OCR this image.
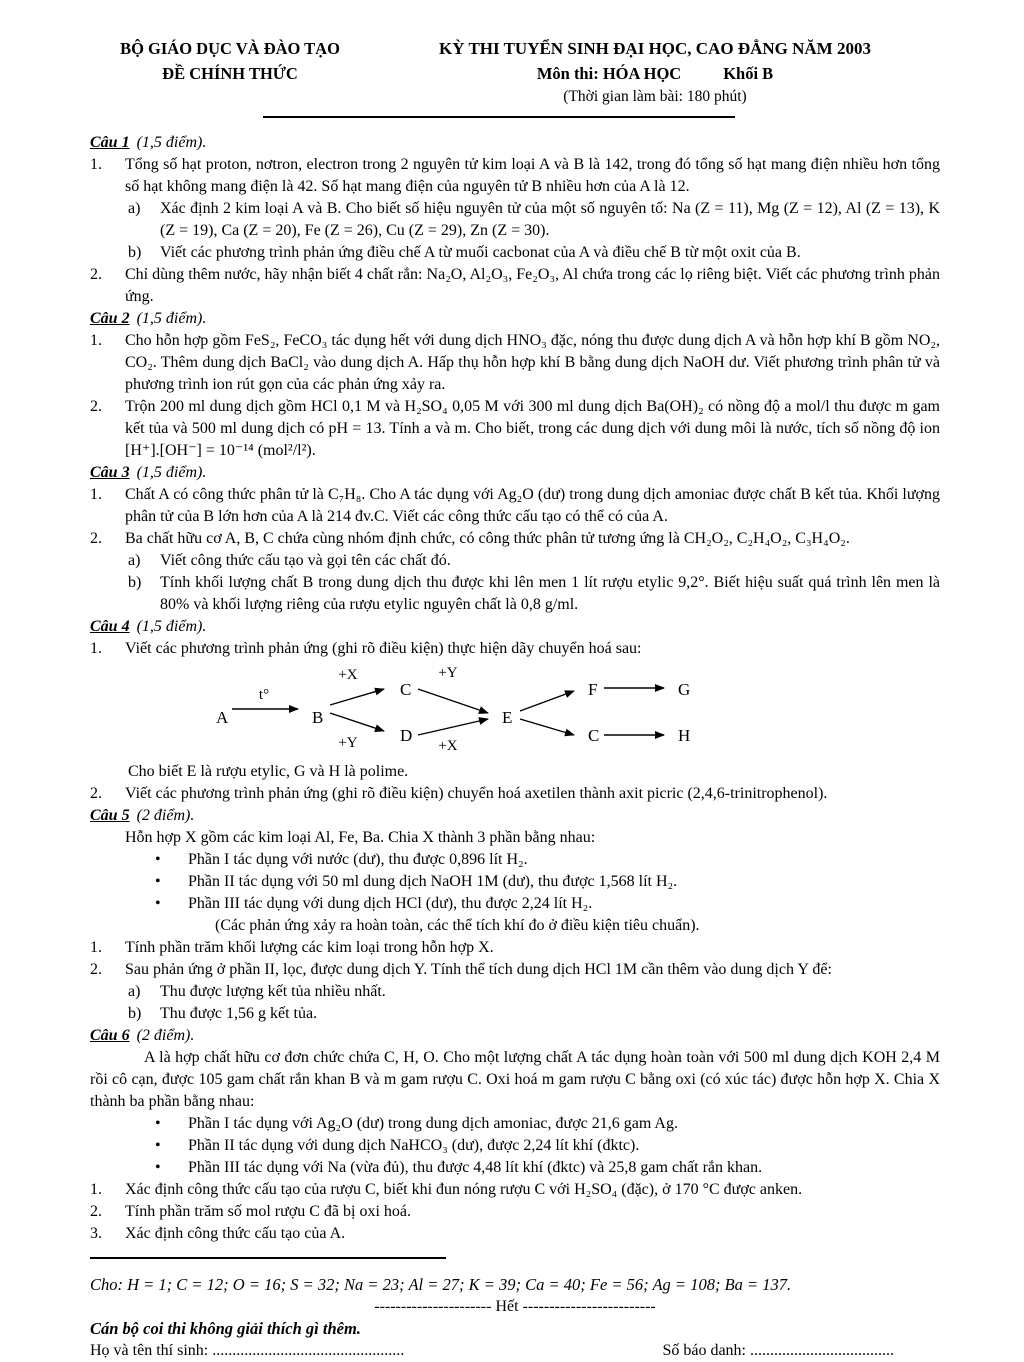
BỘ GIÁO DỤC VÀ ĐÀO TẠO
ĐỀ CHÍNH THỨC
KỲ THI TUYỂN SINH ĐẠI HỌC, CAO ĐẲNG NĂM 2003
Môn thi: HÓA HỌC	Khối B
(Thời gian làm bài: 180 phút)
Câu 1 (1,5 điểm).
1.	Tổng số hạt proton, nơtron, electron trong 2 nguyên tử kim loại A và B là 142, trong đó tổng số hạt mang điện nhiều hơn tổng số hạt không mang điện là 42. Số hạt mang điện của nguyên tử B nhiều hơn của A là 12.
a)	Xác định 2 kim loại A và B. Cho biết số hiệu nguyên tử của một số nguyên tố: Na (Z = 11), Mg (Z = 12), Al (Z = 13), K (Z = 19), Ca (Z = 20), Fe (Z = 26), Cu (Z = 29), Zn (Z = 30).
b)	Viết các phương trình phản ứng điều chế A từ muối cacbonat của A và điều chế B từ một oxit của B.
2.	Chỉ dùng thêm nước, hãy nhận biết 4 chất rắn: Na₂O, Al₂O₃, Fe₂O₃, Al chứa trong các lọ riêng biệt. Viết các phương trình phản ứng.
Câu 2 (1,5 điểm).
1.	Cho hỗn hợp gồm FeS₂, FeCO₃ tác dụng hết với dung dịch HNO₃ đặc, nóng thu được dung dịch A và hỗn hợp khí B gồm NO₂, CO₂. Thêm dung dịch BaCl₂ vào dung dịch A. Hấp thụ hỗn hợp khí B bằng dung dịch NaOH dư. Viết phương trình phân tử và phương trình ion rút gọn của các phản ứng xảy ra.
2.	Trộn 200 ml dung dịch gồm HCl 0,1 M và H₂SO₄ 0,05 M với 300 ml dung dịch Ba(OH)₂ có nồng độ a mol/l thu được m gam kết tủa và 500 ml dung dịch có pH = 13. Tính a và m. Cho biết, trong các dung dịch với dung môi là nước, tích số nồng độ ion [H⁺].[OH⁻] = 10⁻¹⁴ (mol²/l²).
Câu 3 (1,5 điểm).
1.	Chất A có công thức phân tử là C₇H₈. Cho A tác dụng với Ag₂O (dư) trong dung dịch amoniac được chất B kết tủa. Khối lượng phân tử của B lớn hơn của A là 214 đv.C. Viết các công thức cấu tạo có thể có của A.
2.	Ba chất hữu cơ A, B, C chứa cùng nhóm định chức, có công thức phân tử tương ứng là CH₂O₂, C₂H₄O₂, C₃H₄O₂.
a)	Viết công thức cấu tạo và gọi tên các chất đó.
b)	Tính khối lượng chất B trong dung dịch thu được khi lên men 1 lít rượu etylic 9,2°. Biết hiệu suất quá trình lên men là 80% và khối lượng riêng của rượu etylic nguyên chất là 0,8 g/ml.
Câu 4 (1,5 điểm).
1.	Viết các phương trình phản ứng (ghi rõ điều kiện) thực hiện dãy chuyển hoá sau:
A
t°
B
+X
C
+Y
+Y D
+X
E
F	G
C	H
Cho biết E là rượu etylic, G và H là polime.
2.	Viết các phương trình phản ứng (ghi rõ điều kiện) chuyển hoá axetilen thành axit picric (2,4,6-trinitrophenol).
Câu 5 (2 điểm).
Hỗn hợp X gồm các kim loại Al, Fe, Ba. Chia X thành 3 phần bằng nhau:
•	Phần I tác dụng với nước (dư), thu được 0,896 lít H₂.
•	Phần II tác dụng với 50 ml dung dịch NaOH 1M (dư), thu được 1,568 lít H₂.
•	Phần III tác dụng với dung dịch HCl (dư), thu được 2,24 lít H₂.
(Các phản ứng xảy ra hoàn toàn, các thể tích khí đo ở điều kiện tiêu chuẩn).
1.	Tính phần trăm khối lượng các kim loại trong hỗn hợp X.
2.	Sau phản ứng ở phần II, lọc, được dung dịch Y. Tính thể tích dung dịch HCl 1M cần thêm vào dung dịch Y để:
a)	Thu được lượng kết tủa nhiều nhất.
b)	Thu được 1,56 g kết tủa.
Câu 6 (2 điểm).
A là hợp chất hữu cơ đơn chức chứa C, H, O. Cho một lượng chất A tác dụng hoàn toàn với 500 ml dung dịch KOH 2,4 M rồi cô cạn, được 105 gam chất rắn khan B và m gam rượu C. Oxi hoá m gam rượu C bằng oxi (có xúc tác) được hỗn hợp X. Chia X thành ba phần bằng nhau:
•	Phần I tác dụng với Ag₂O (dư) trong dung dịch amoniac, được 21,6 gam Ag.
•	Phần II tác dụng với dung dịch NaHCO₃ (dư), được 2,24 lít khí (đktc).
•	Phần III tác dụng với Na (vừa đủ), thu được 4,48 lít khí (đktc) và 25,8 gam chất rắn khan.
1.	Xác định công thức cấu tạo của rượu C, biết khi đun nóng rượu C với H₂SO₄ (đặc), ở 170 °C được anken.
2.	Tính phần trăm số mol rượu C đã bị oxi hoá.
3.	Xác định công thức cấu tạo của A.
Cho: H = 1; C = 12; O = 16; S = 32; Na = 23; Al = 27; K = 39; Ca = 40; Fe = 56; Ag = 108; Ba = 137.
---------------------- Hết -------------------------
Cán bộ coi thi không giải thích gì thêm.
Họ và tên thí sinh: ................................................	Số báo danh: ....................................
